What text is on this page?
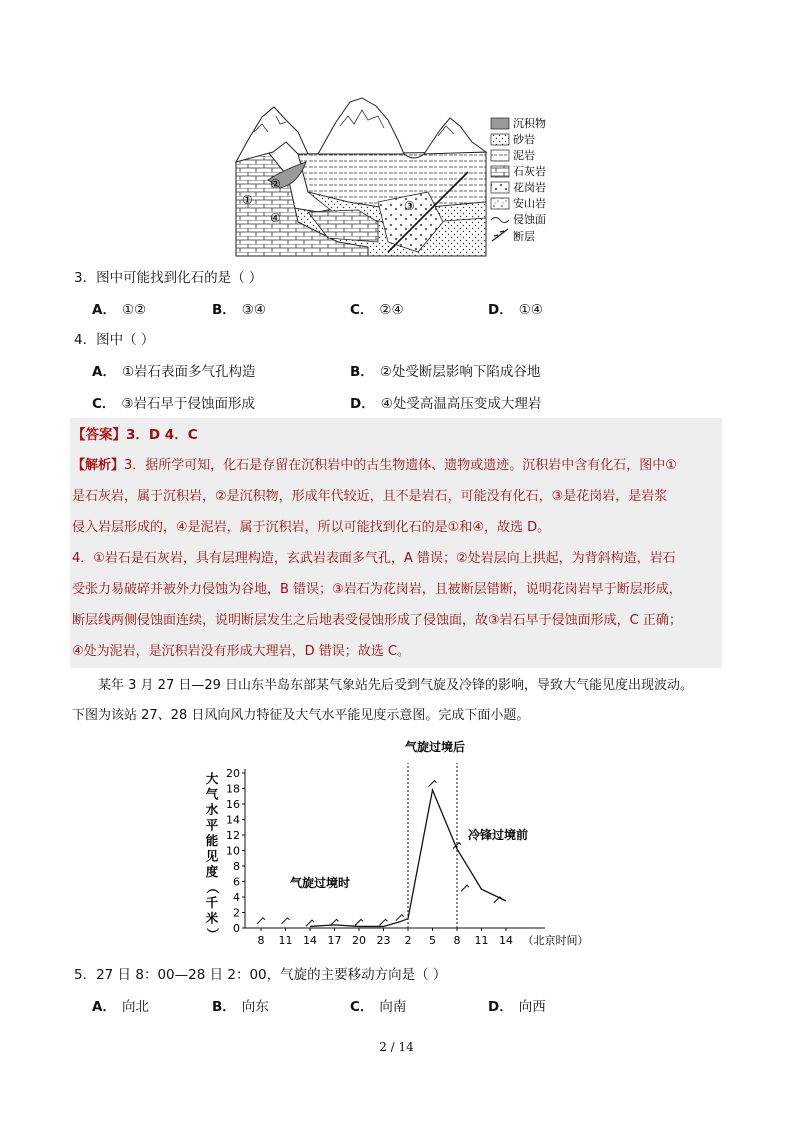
①
②
③
④
沉积物
砂岩
泥岩
石灰岩
花岗岩
安山岩
侵蚀面
断层
3．图中可能找到化石的是（ ）
A． ①②	B． ③④	C． ②④	D． ①④
4．图中（ ）
A． ①岩石表面多气孔构造	B． ②处受断层影响下陷成谷地
C． ③岩石早于侵蚀面形成	D． ④处受高温高压变成大理岩
【答案】3．D 4．C
【解析】3．据所学可知，化石是存留在沉积岩中的古生物遗体、遗物或遗迹。沉积岩中含有化石，图中①
是石灰岩，属于沉积岩，②是沉积物，形成年代较近，且不是岩石，可能没有化石，③是花岗岩，是岩浆
侵入岩层形成的，④是泥岩，属于沉积岩，所以可能找到化石的是①和④，故选 D。
4．①岩石是石灰岩，具有层理构造，玄武岩表面多气孔，A 错误；②处岩层向上拱起，为背斜构造，岩石
受张力易破碎并被外力侵蚀为谷地，B 错误；③岩石为花岗岩，且被断层错断，说明花岗岩早于断层形成，
断层线两侧侵蚀面连续，说明断层发生之后地表受侵蚀形成了侵蚀面，故③岩石早于侵蚀面形成，C 正确；
④处为泥岩，是沉积岩没有形成大理岩，D 错误；故选 C。
某年 3 月 27 日—29 日山东半岛东部某气象站先后受到气旋及冷锋的影响，导致大气能见度出现波动。
下图为该站 27、28 日风向风力特征及大气水平能见度示意图。完成下面小题。
0
2
4
6
8
10
12
14
16
18
20
8 11 14 17 20 23 2 5 8 11 14 （北京时间）
大
气
水
平
能
见
度
（
千
米
）
气旋过境时
气旋过境后
冷锋过境前
5．27 日 8：00—28 日 2：00，气旋的主要移动方向是（ ）
A． 向北	B． 向东	C． 向南	D． 向西
2 / 14
